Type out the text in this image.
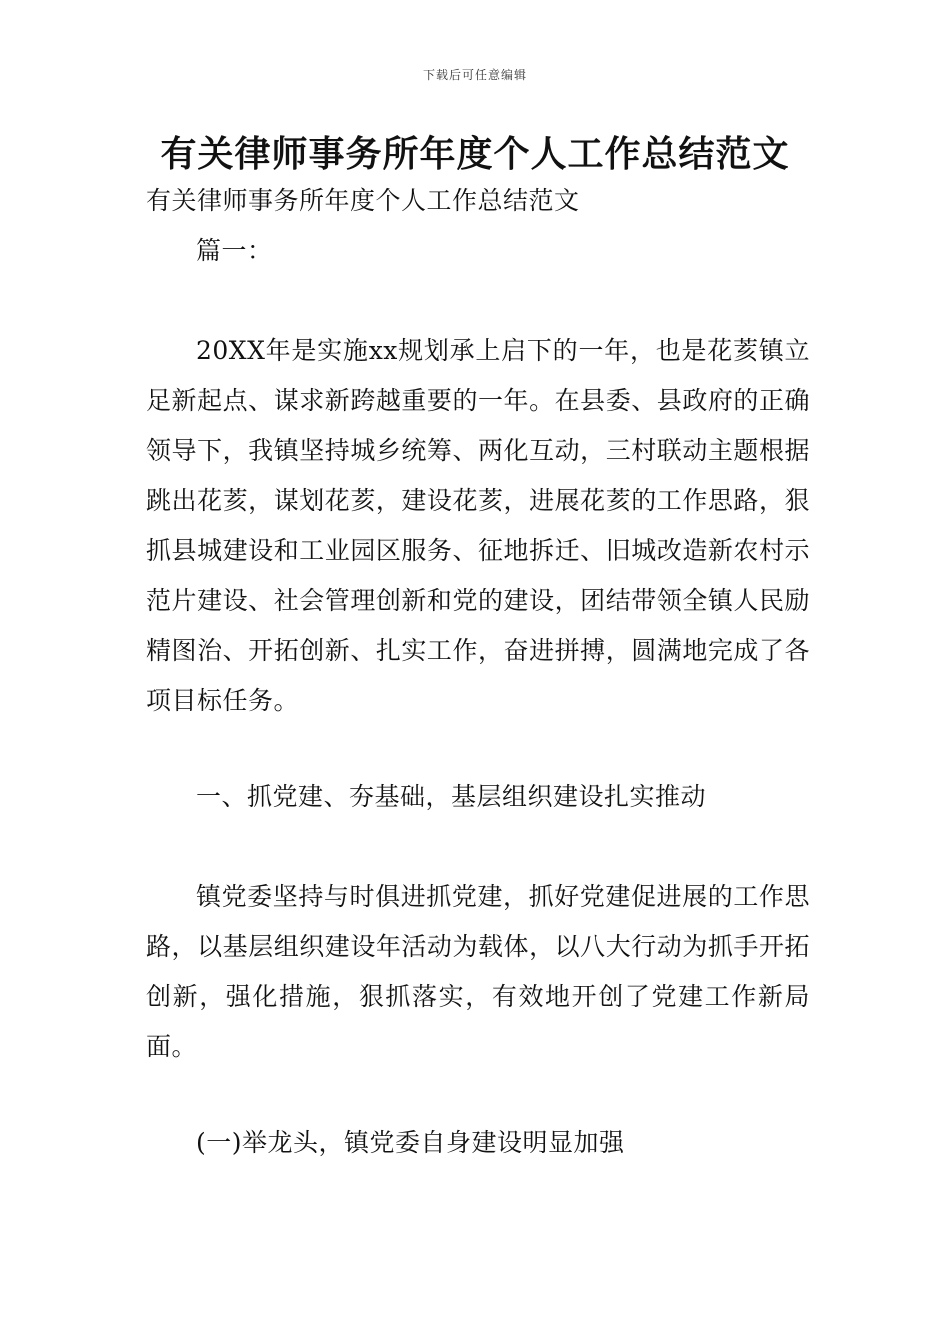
下载后可任意编辑
有关律师事务所年度个人工作总结范文
有关律师事务所年度个人工作总结范文
篇一：
20XX年是实施xx规划承上启下的一年，也是花荄镇立足新起点、谋求新跨越重要的一年。在县委、县政府的正确领导下，我镇坚持城乡统筹、两化互动，三村联动主题根据跳出花荄，谋划花荄，建设花荄，进展花荄的工作思路，狠抓县城建设和工业园区服务、征地拆迁、旧城改造新农村示范片建设、社会管理创新和党的建设，团结带领全镇人民励精图治、开拓创新、扎实工作，奋进拼搏，圆满地完成了各项目标任务。
一、抓党建、夯基础，基层组织建设扎实推动
镇党委坚持与时俱进抓党建，抓好党建促进展的工作思路，以基层组织建设年活动为载体，以八大行动为抓手开拓创新，强化措施，狠抓落实，有效地开创了党建工作新局面。
(一)举龙头，镇党委自身建设明显加强
